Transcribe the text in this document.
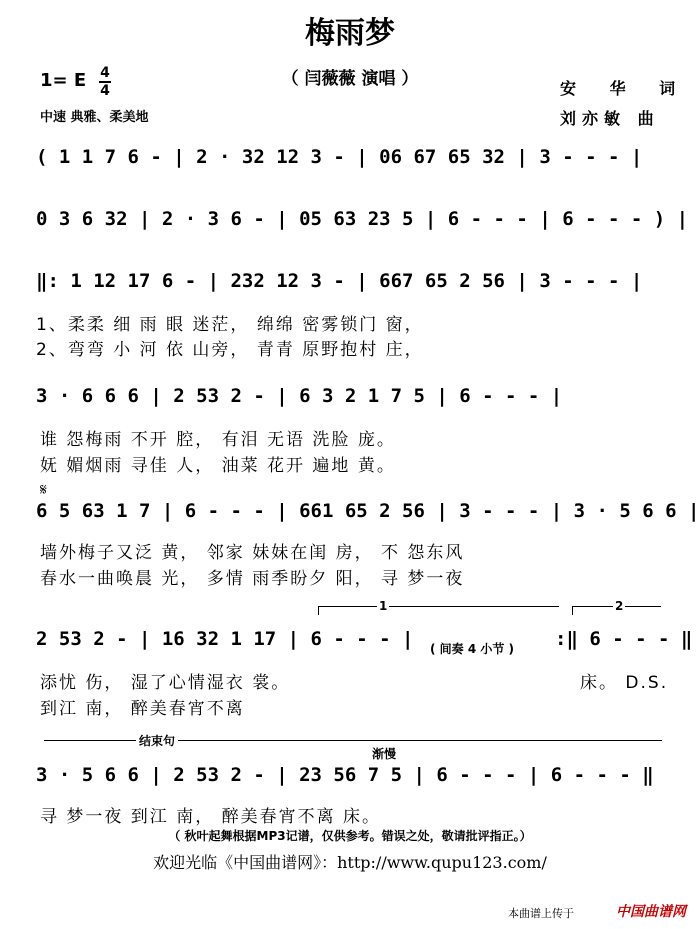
梅雨梦
（ 闫薇薇 演唱 ）
1= E 4
4
中速 典雅、柔美地
安 华 词
刘亦敏 曲
( 1 1 7 6 - | 2 · 32 12 3 - | 06 67 65 32 | 3 - - - |
0 3 6 32 | 2 · 3 6 - | 05 63 23 5 | 6 - - - | 6 - - - ) |
‖: 1 12 17 6 - | 232 12 3 - | 667 65 2 56 | 3 - - - |
1、柔柔 细 雨 眼 迷茫， 绵绵 密雾锁门 窗，
2、弯弯 小 河 依 山旁， 青青 原野抱村 庄，
3 · 6 6 6 | 2 53 2 - | 6 3 2 1 7 5 | 6 - - - |
谁 怨梅雨 不开 腔， 有泪 无语 洗脸 庞。
妩 媚烟雨 寻佳 人， 油菜 花开 遍地 黄。
𝄋
6 5 63 1 7 | 6 - - - | 661 65 2 56 | 3 - - - | 3 · 5 6 6 |
墙外梅子又泛 黄， 邻家 妹妹在闺 房， 不 怨东风
春水一曲唤晨 光， 多情 雨季盼夕 阳， 寻 梦一夜
1	2
2 53 2 - | 16 32 1 17 | 6 - - - | ( 间奏 4 小节 ) :‖ 6 - - - ‖
添忧 伤， 湿了心情湿衣 裳。	床。 D.S.
到江 南， 醉美春宵不离
结束句
渐慢
3 · 5 6 6 | 2 53 2 - | 23 56 7 5 | 6 - - - | 6 - - - ‖
寻 梦一夜 到江 南， 醉美春宵不离 床。
（ 秋叶起舞根据MP3记谱，仅供参考。错误之处，敬请批评指正。）
欢迎光临《中国曲谱网》：http://www.qupu123.com/
本曲谱上传于	中国曲谱网
